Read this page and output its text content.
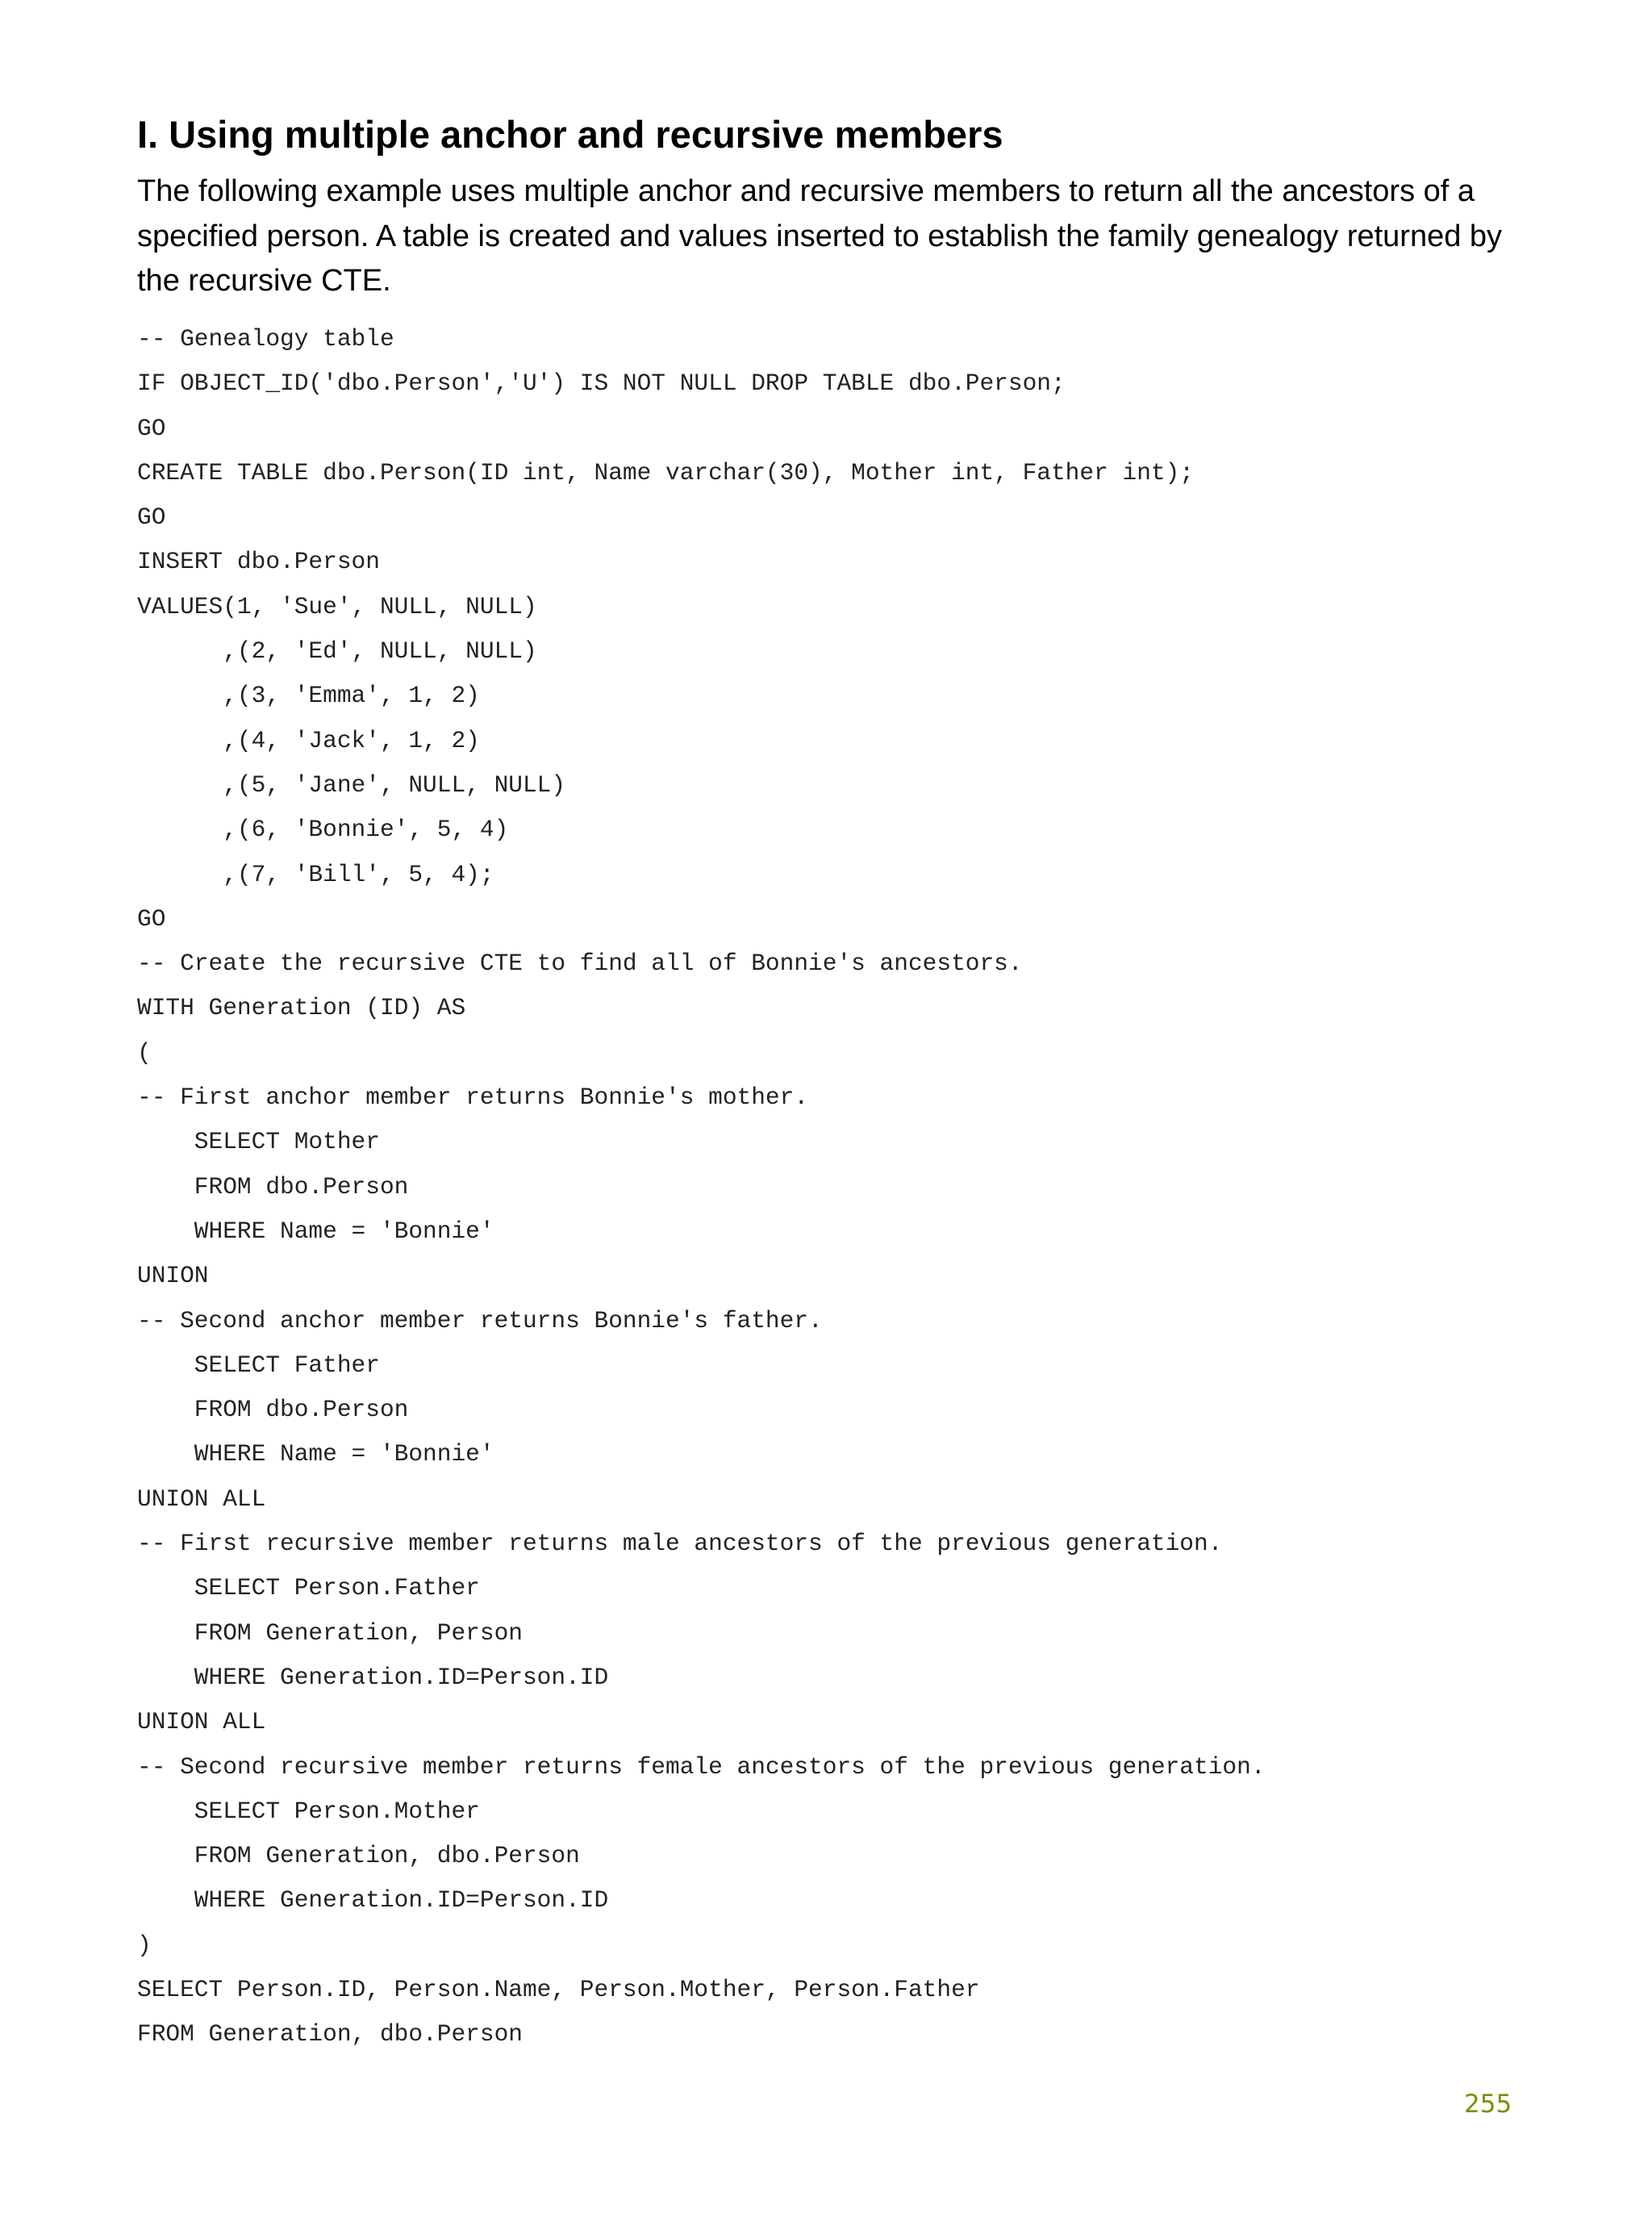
I. Using multiple anchor and recursive members

The following example uses multiple anchor and recursive members to return all the ancestors of a specified person. A table is created and values inserted to establish the family genealogy returned by the recursive CTE.

-- Genealogy table
IF OBJECT_ID('dbo.Person','U') IS NOT NULL DROP TABLE dbo.Person;
GO
CREATE TABLE dbo.Person(ID int, Name varchar(30), Mother int, Father int);
GO
INSERT dbo.Person
VALUES(1, 'Sue', NULL, NULL)
,(2, 'Ed', NULL, NULL)
,(3, 'Emma', 1, 2)
,(4, 'Jack', 1, 2)
,(5, 'Jane', NULL, NULL)
,(6, 'Bonnie', 5, 4)
,(7, 'Bill', 5, 4);
GO
-- Create the recursive CTE to find all of Bonnie's ancestors.
WITH Generation (ID) AS
(
-- First anchor member returns Bonnie's mother.
SELECT Mother
FROM dbo.Person
WHERE Name = 'Bonnie'
UNION
-- Second anchor member returns Bonnie's father.
SELECT Father
FROM dbo.Person
WHERE Name = 'Bonnie'
UNION ALL
-- First recursive member returns male ancestors of the previous generation.
SELECT Person.Father
FROM Generation, Person
WHERE Generation.ID=Person.ID
UNION ALL
-- Second recursive member returns female ancestors of the previous generation.
SELECT Person.Mother
FROM Generation, dbo.Person
WHERE Generation.ID=Person.ID
)
SELECT Person.ID, Person.Name, Person.Mother, Person.Father
FROM Generation, dbo.Person
255
